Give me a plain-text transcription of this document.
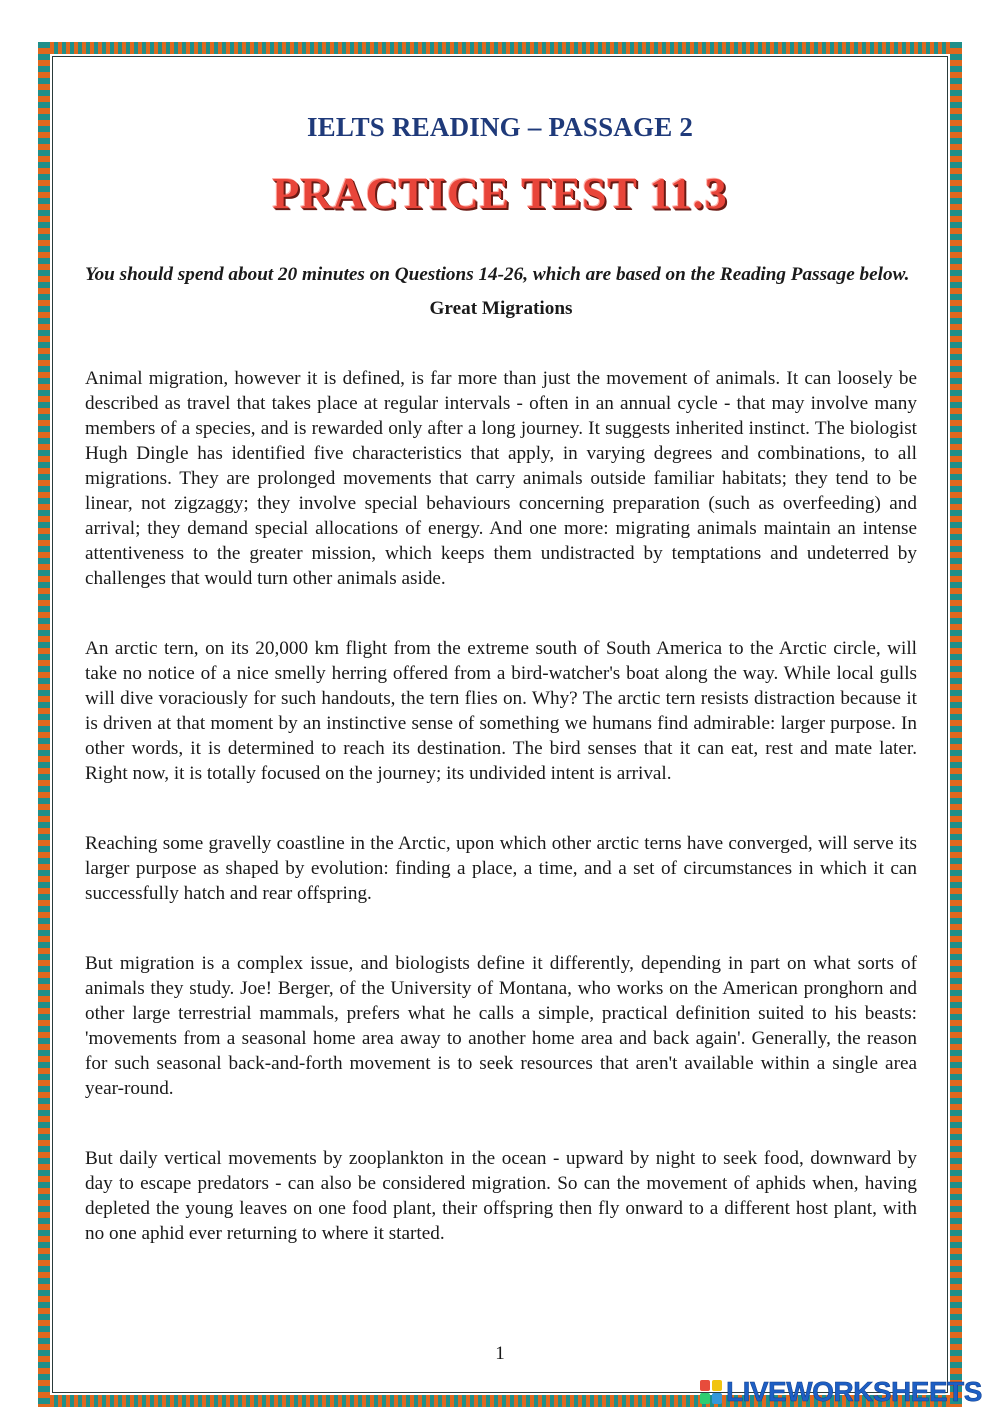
IELTS READING – PASSAGE 2
PRACTICE TEST 11.3

You should spend about 20 minutes on Questions 14-26, which are based on the Reading Passage below.

Great Migrations

Animal migration, however it is defined, is far more than just the movement of animals. It can loosely be described as travel that takes place at regular intervals - often in an annual cycle - that may involve many members of a species, and is rewarded only after a long journey. It suggests inherited instinct. The biologist Hugh Dingle has identified five characteristics that apply, in varying degrees and combinations, to all migrations. They are prolonged movements that carry animals outside familiar habitats; they tend to be linear, not zigzaggy; they involve special behaviours concerning preparation (such as overfeeding) and arrival; they demand special allocations of energy. And one more: migrating animals maintain an intense attentiveness to the greater mission, which keeps them undistracted by temptations and undeterred by challenges that would turn other animals aside.

An arctic tern, on its 20,000 km flight from the extreme south of South America to the Arctic circle, will take no notice of a nice smelly herring offered from a bird-watcher's boat along the way. While local gulls will dive voraciously for such handouts, the tern flies on. Why? The arctic tern resists distraction because it is driven at that moment by an instinctive sense of something we humans find admirable: larger purpose. In other words, it is determined to reach its destination. The bird senses that it can eat, rest and mate later. Right now, it is totally focused on the journey; its undivided intent is arrival.

Reaching some gravelly coastline in the Arctic, upon which other arctic terns have converged, will serve its larger purpose as shaped by evolution: finding a place, a time, and a set of circumstances in which it can successfully hatch and rear offspring.

But migration is a complex issue, and biologists define it differently, depending in part on what sorts of animals they study. Joe! Berger, of the University of Montana, who works on the American pronghorn and other large terrestrial mammals, prefers what he calls a simple, practical definition suited to his beasts: 'movements from a seasonal home area away to another home area and back again'. Generally, the reason for such seasonal back-and-forth movement is to seek resources that aren't available within a single area year-round.

But daily vertical movements by zooplankton in the ocean - upward by night to seek food, downward by day to escape predators - can also be considered migration. So can the movement of aphids when, having depleted the young leaves on one food plant, their offspring then fly onward to a different host plant, with no one aphid ever returning to where it started.

1
LIVEWORKSHEETS
